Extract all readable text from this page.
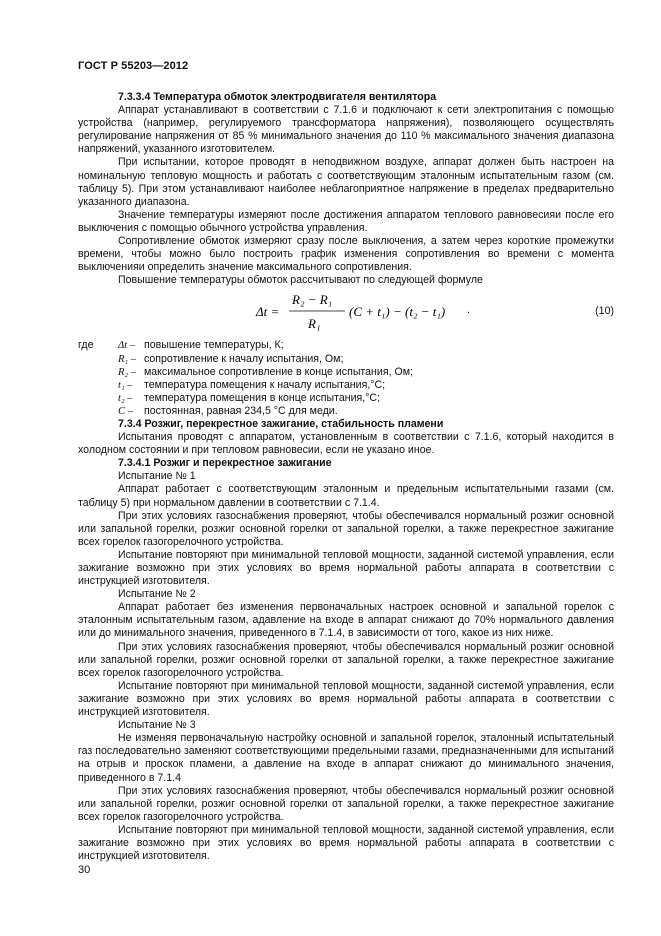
ГОСТ Р 55203—2012

7.3.3.4 Температура обмоток электродвигателя вентилятора

Аппарат устанавливают в соответствии с 7.1.6 и подключают к сети электропитания с помощью устройства (например, регулируемого трансформатора напряжения), позволяющего осуществлять регулирование напряжения от 85 % минимального значения до 110 % максимального значения диапазона напряжений, указанного изготовителем.

При испытании, которое проводят в неподвижном воздухе, аппарат должен быть настроен на номинальную тепловую мощность и работать с соответствующим эталонным испытательным газом (см. таблицу 5). При этом устанавливают наиболее неблагоприятное напряжение в пределах предварительно указанного диапазона.

Значение температуры измеряют после достижения аппаратом теплового равновесияи после его выключения с помощью обычного устройства управления.

Сопротивление обмоток измеряют сразу после выключения, а затем через короткие промежутки времени, чтобы можно было построить график изменения сопротивления во времени с момента выключенияи определить значение максимального сопротивления.

Повышение температуры обмоток рассчитывают по следующей формуле

Δt =
R₂ − R₁
R₁
(C + t₁) − (t₂ − t₁) .	(10)
где	Δt – повышение температуры, К;
R₁ – сопротивление к началу испытания, Ом;
R₂ – максимальное сопротивление в конце испытания, Ом;
t₁ –	температура помещения к началу испытания,°С;
t₂ –	температура помещения в конце испытания,°С;
C –	постоянная, равная 234,5 °С для меди.

7.3.4 Розжиг, перекрестное зажигание, стабильность пламени

Испытания проводят с аппаратом, установленным в соответствии с 7.1.6, который находится в холодном состоянии и при тепловом равновесии, если не указано иное.

7.3.4.1 Розжиг и перекрестное зажигание

Испытание № 1

Аппарат работает с соответствующим эталонным и предельным испытательными газами (см. таблицу 5) при нормальном давлении в соответствии с 7.1.4.

При этих условиях газоснабжения проверяют, чтобы обеспечивался нормальный розжиг основной или запальной горелки, розжиг основной горелки от запальной горелки, а также перекрестное зажигание всех горелок газогорелочного устройства.

Испытание повторяют при минимальной тепловой мощности, заданной системой управления, если зажигание возможно при этих условиях во время нормальной работы аппарата в соответствии с инструкцией изготовителя.

Испытание № 2

Аппарат работает без изменения первоначальных настроек основной и запальной горелок с эталонным испытательным газом, адавление на входе в аппарат снижают до 70% нормального давления или до минимального значения, приведенного в 7.1.4, в зависимости от того, какое из них ниже.

При этих условиях газоснабжения проверяют, чтобы обеспечивался нормальный розжиг основной или запальной горелки, розжиг основной горелки от запальной горелки, а также перекрестное зажигание всех горелок газогорелочного устройства.

Испытание повторяют при минимальной тепловой мощности, заданной системой управления, если зажигание возможно при этих условиях во время нормальной работы аппарата в соответствии с инструкцией изготовителя.

Испытание № 3

Не изменяя первоначальную настройку основной и запальной горелок, эталонный испытательный газ последовательно заменяют соответствующими предельными газами, предназначенными для испытаний на отрыв и проскок пламени, а давление на входе в аппарат снижают до минимального значения, приведенного в 7.1.4

При этих условиях газоснабжения проверяют, чтобы обеспечивался нормальный розжиг основной или запальной горелки, розжиг основной горелки от запальной горелки, а также перекрестное зажигание всех горелок газогорелочного устройства.

Испытание повторяют при минимальной тепловой мощности, заданной системой управления, если зажигание возможно при этих условиях во время нормальной работы аппарата в соответствии с инструкцией изготовителя.

30
